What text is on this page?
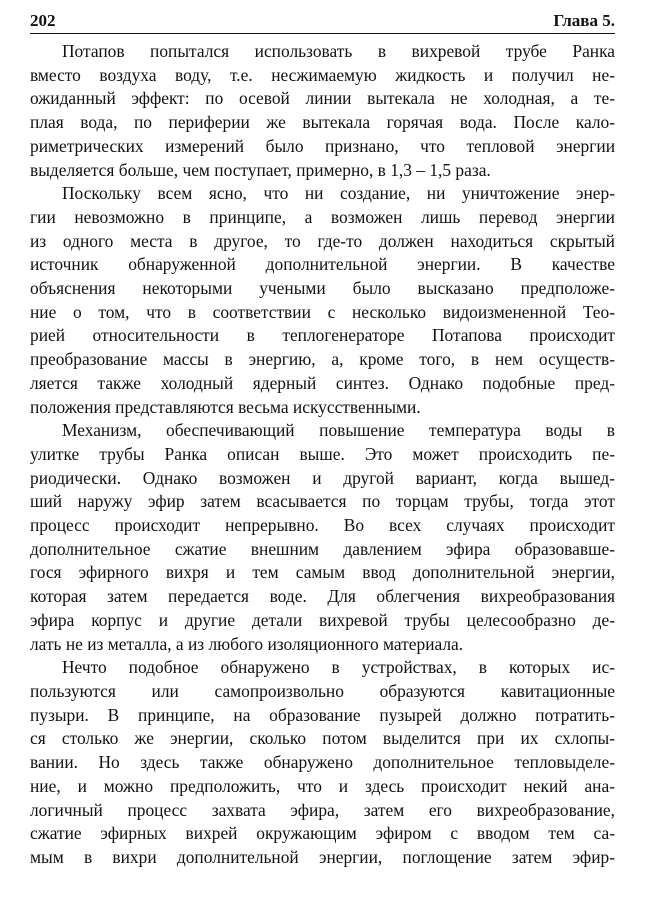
202	Глава 5.

Потапов попытался использовать в вихревой трубе Ранка
вместо воздуха воду, т.е. несжимаемую жидкость и получил не-
ожиданный эффект: по осевой линии вытекала не холодная, а те-
плая вода, по периферии же вытекала горячая вода. После кало-
риметрических измерений было признано, что тепловой энергии
выделяется больше, чем поступает, примерно, в 1,3 – 1,5 раза.

Поскольку всем ясно, что ни создание, ни уничтожение энер-
гии невозможно в принципе, а возможен лишь перевод энергии
из одного места в другое, то где-то должен находиться скрытый
источник обнаруженной дополнительной энергии. В качестве
объяснения некоторыми учеными было высказано предположе-
ние о том, что в соответствии с несколько видоизмененной Тео-
рией относительности в теплогенераторе Потапова происходит
преобразование массы в энергию, а, кроме того, в нем осуществ-
ляется также холодный ядерный синтез. Однако подобные пред-
положения представляются весьма искусственными.

Механизм, обеспечивающий повышение температура воды в
улитке трубы Ранка описан выше. Это может происходить пе-
риодически. Однако возможен и другой вариант, когда вышед-
ший наружу эфир затем всасывается по торцам трубы, тогда этот
процесс происходит непрерывно. Во всех случаях происходит
дополнительное сжатие внешним давлением эфира образовавше-
гося эфирного вихря и тем самым ввод дополнительной энергии,
которая затем передается воде. Для облегчения вихреобразования
эфира корпус и другие детали вихревой трубы целесообразно де-
лать не из металла, а из любого изоляционного материала.

Нечто подобное обнаружено в устройствах, в которых ис-
пользуются или самопроизвольно образуются кавитационные
пузыри. В принципе, на образование пузырей должно потратить-
ся столько же энергии, сколько потом выделится при их схлопы-
вании. Но здесь также обнаружено дополнительное тепловыделе-
ние, и можно предположить, что и здесь происходит некий ана-
логичный процесс захвата эфира, затем его вихреобразование,
сжатие эфирных вихрей окружающим эфиром с вводом тем са-
мым в вихри дополнительной энергии, поглощение затем эфир-
